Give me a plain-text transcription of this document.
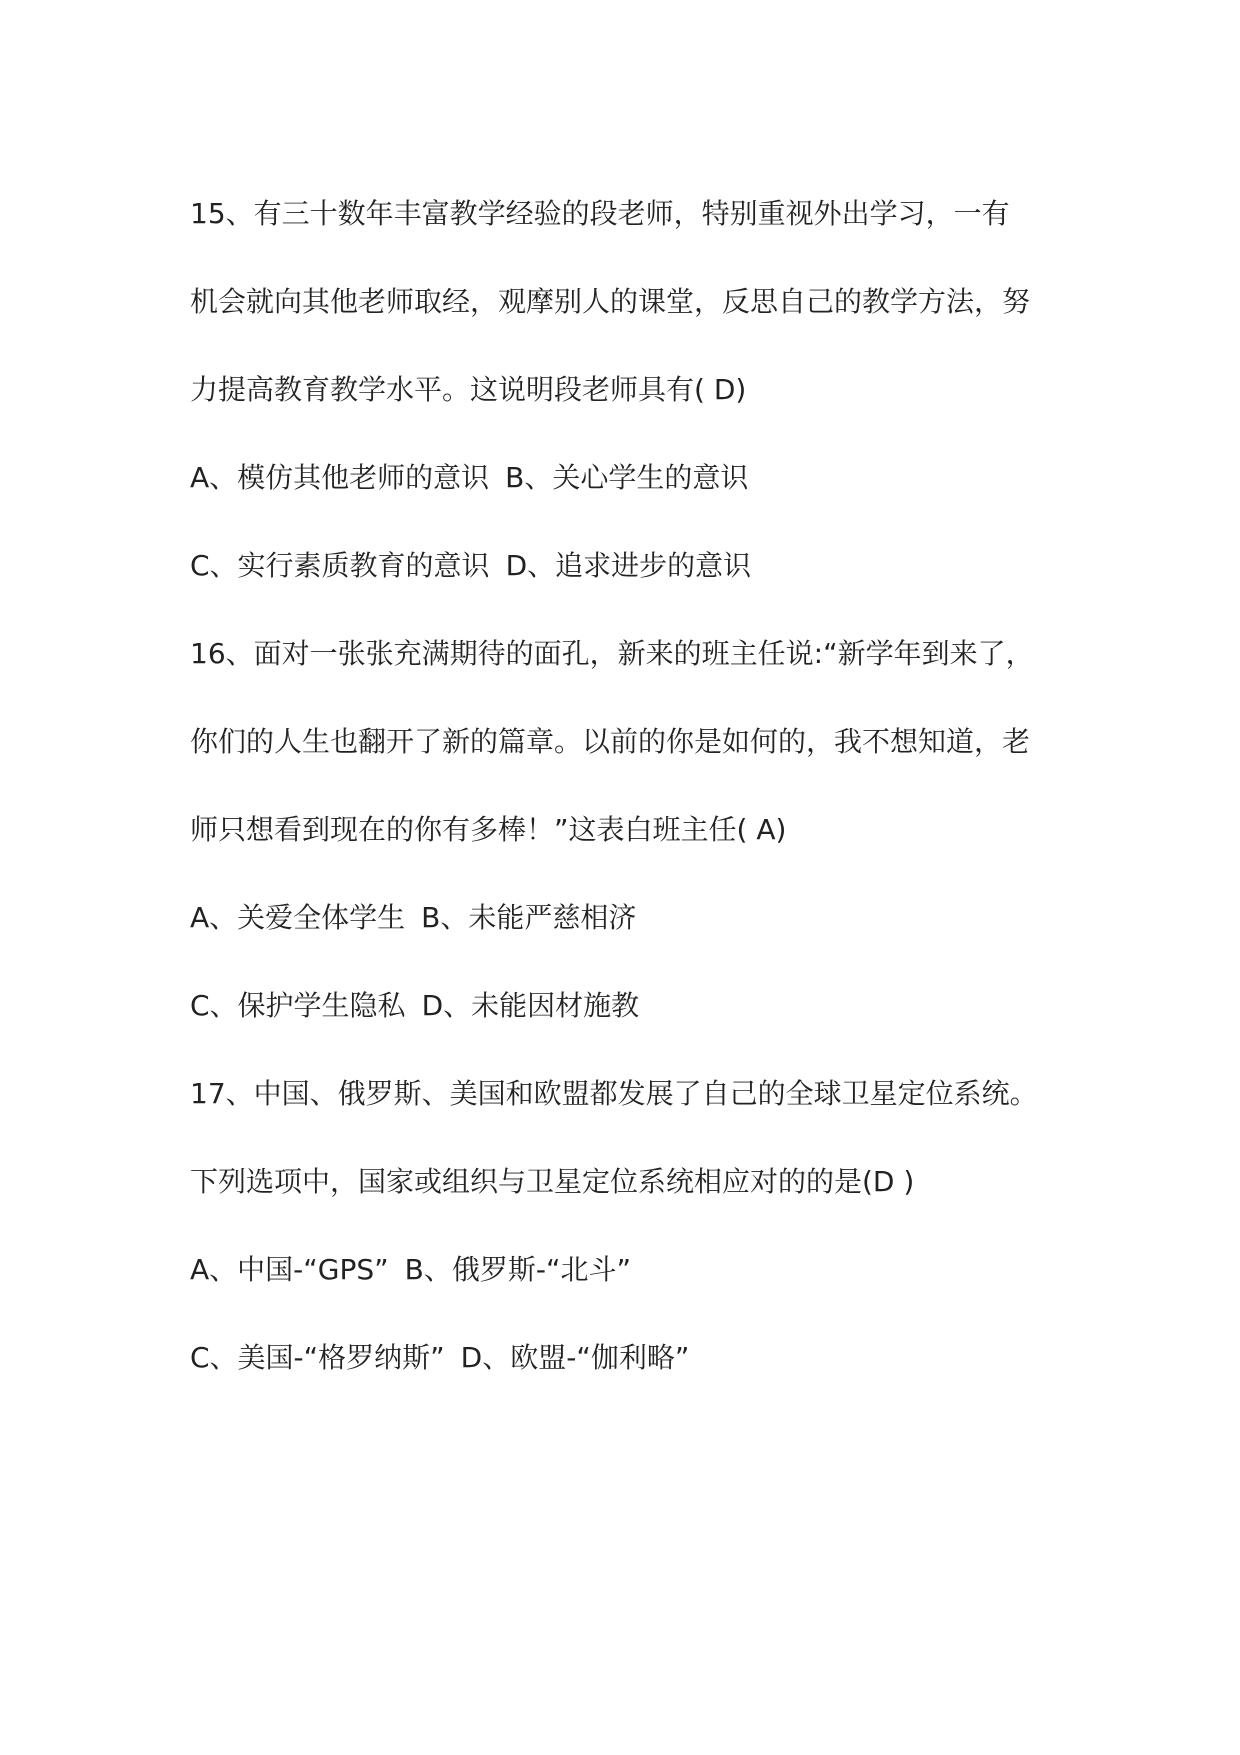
15、有三十数年丰富教学经验的段老师，特别重视外出学习，一有
机会就向其他老师取经，观摩别人的课堂，反思自己的教学方法，努
力提高教育教学水平。这说明段老师具有( D)
A、模仿其他老师的意识 B、关心学生的意识
C、实行素质教育的意识 D、追求进步的意识
16、面对一张张充满期待的面孔，新来的班主任说:“新学年到来了，
你们的人生也翻开了新的篇章。以前的你是如何的，我不想知道，老
师只想看到现在的你有多棒！”这表白班主任( A)
A、关爱全体学生 B、未能严慈相济
C、保护学生隐私 D、未能因材施教
17、中国、俄罗斯、美国和欧盟都发展了自己的全球卫星定位系统。
下列选项中，国家或组织与卫星定位系统相应对的的是(D )
A、中国-“GPS” B、俄罗斯-“北斗”
C、美国-“格罗纳斯” D、欧盟-“伽利略”
